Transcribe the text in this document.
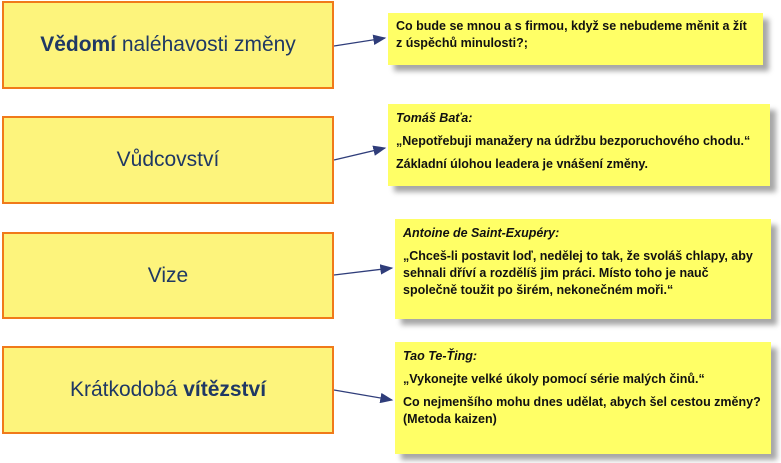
Vědomí naléhavosti změny
Vůdcovství
Vize
Krátkodobá vítězství

Co bude se mnou a s firmou, když se nebudeme měnit a žít z úspěchů minulosti?;

Tomáš Baťa:

„Nepotřebuji manažery na údržbu bezporuchového chodu.“

Základní úlohou leadera je vnášení změny.

Antoine de Saint-Exupéry:

„Chceš-li postavit loď, nedělej to tak, že svoláš chlapy, aby sehnali dříví a rozdělíš jim práci. Místo toho je nauč společně toužit po širém, nekonečném moři.“

Tao Te-Ťing:

„Vykonejte velké úkoly pomocí série malých činů.“

Co nejmenšího mohu dnes udělat, abych šel cestou změny? (Metoda kaizen)
